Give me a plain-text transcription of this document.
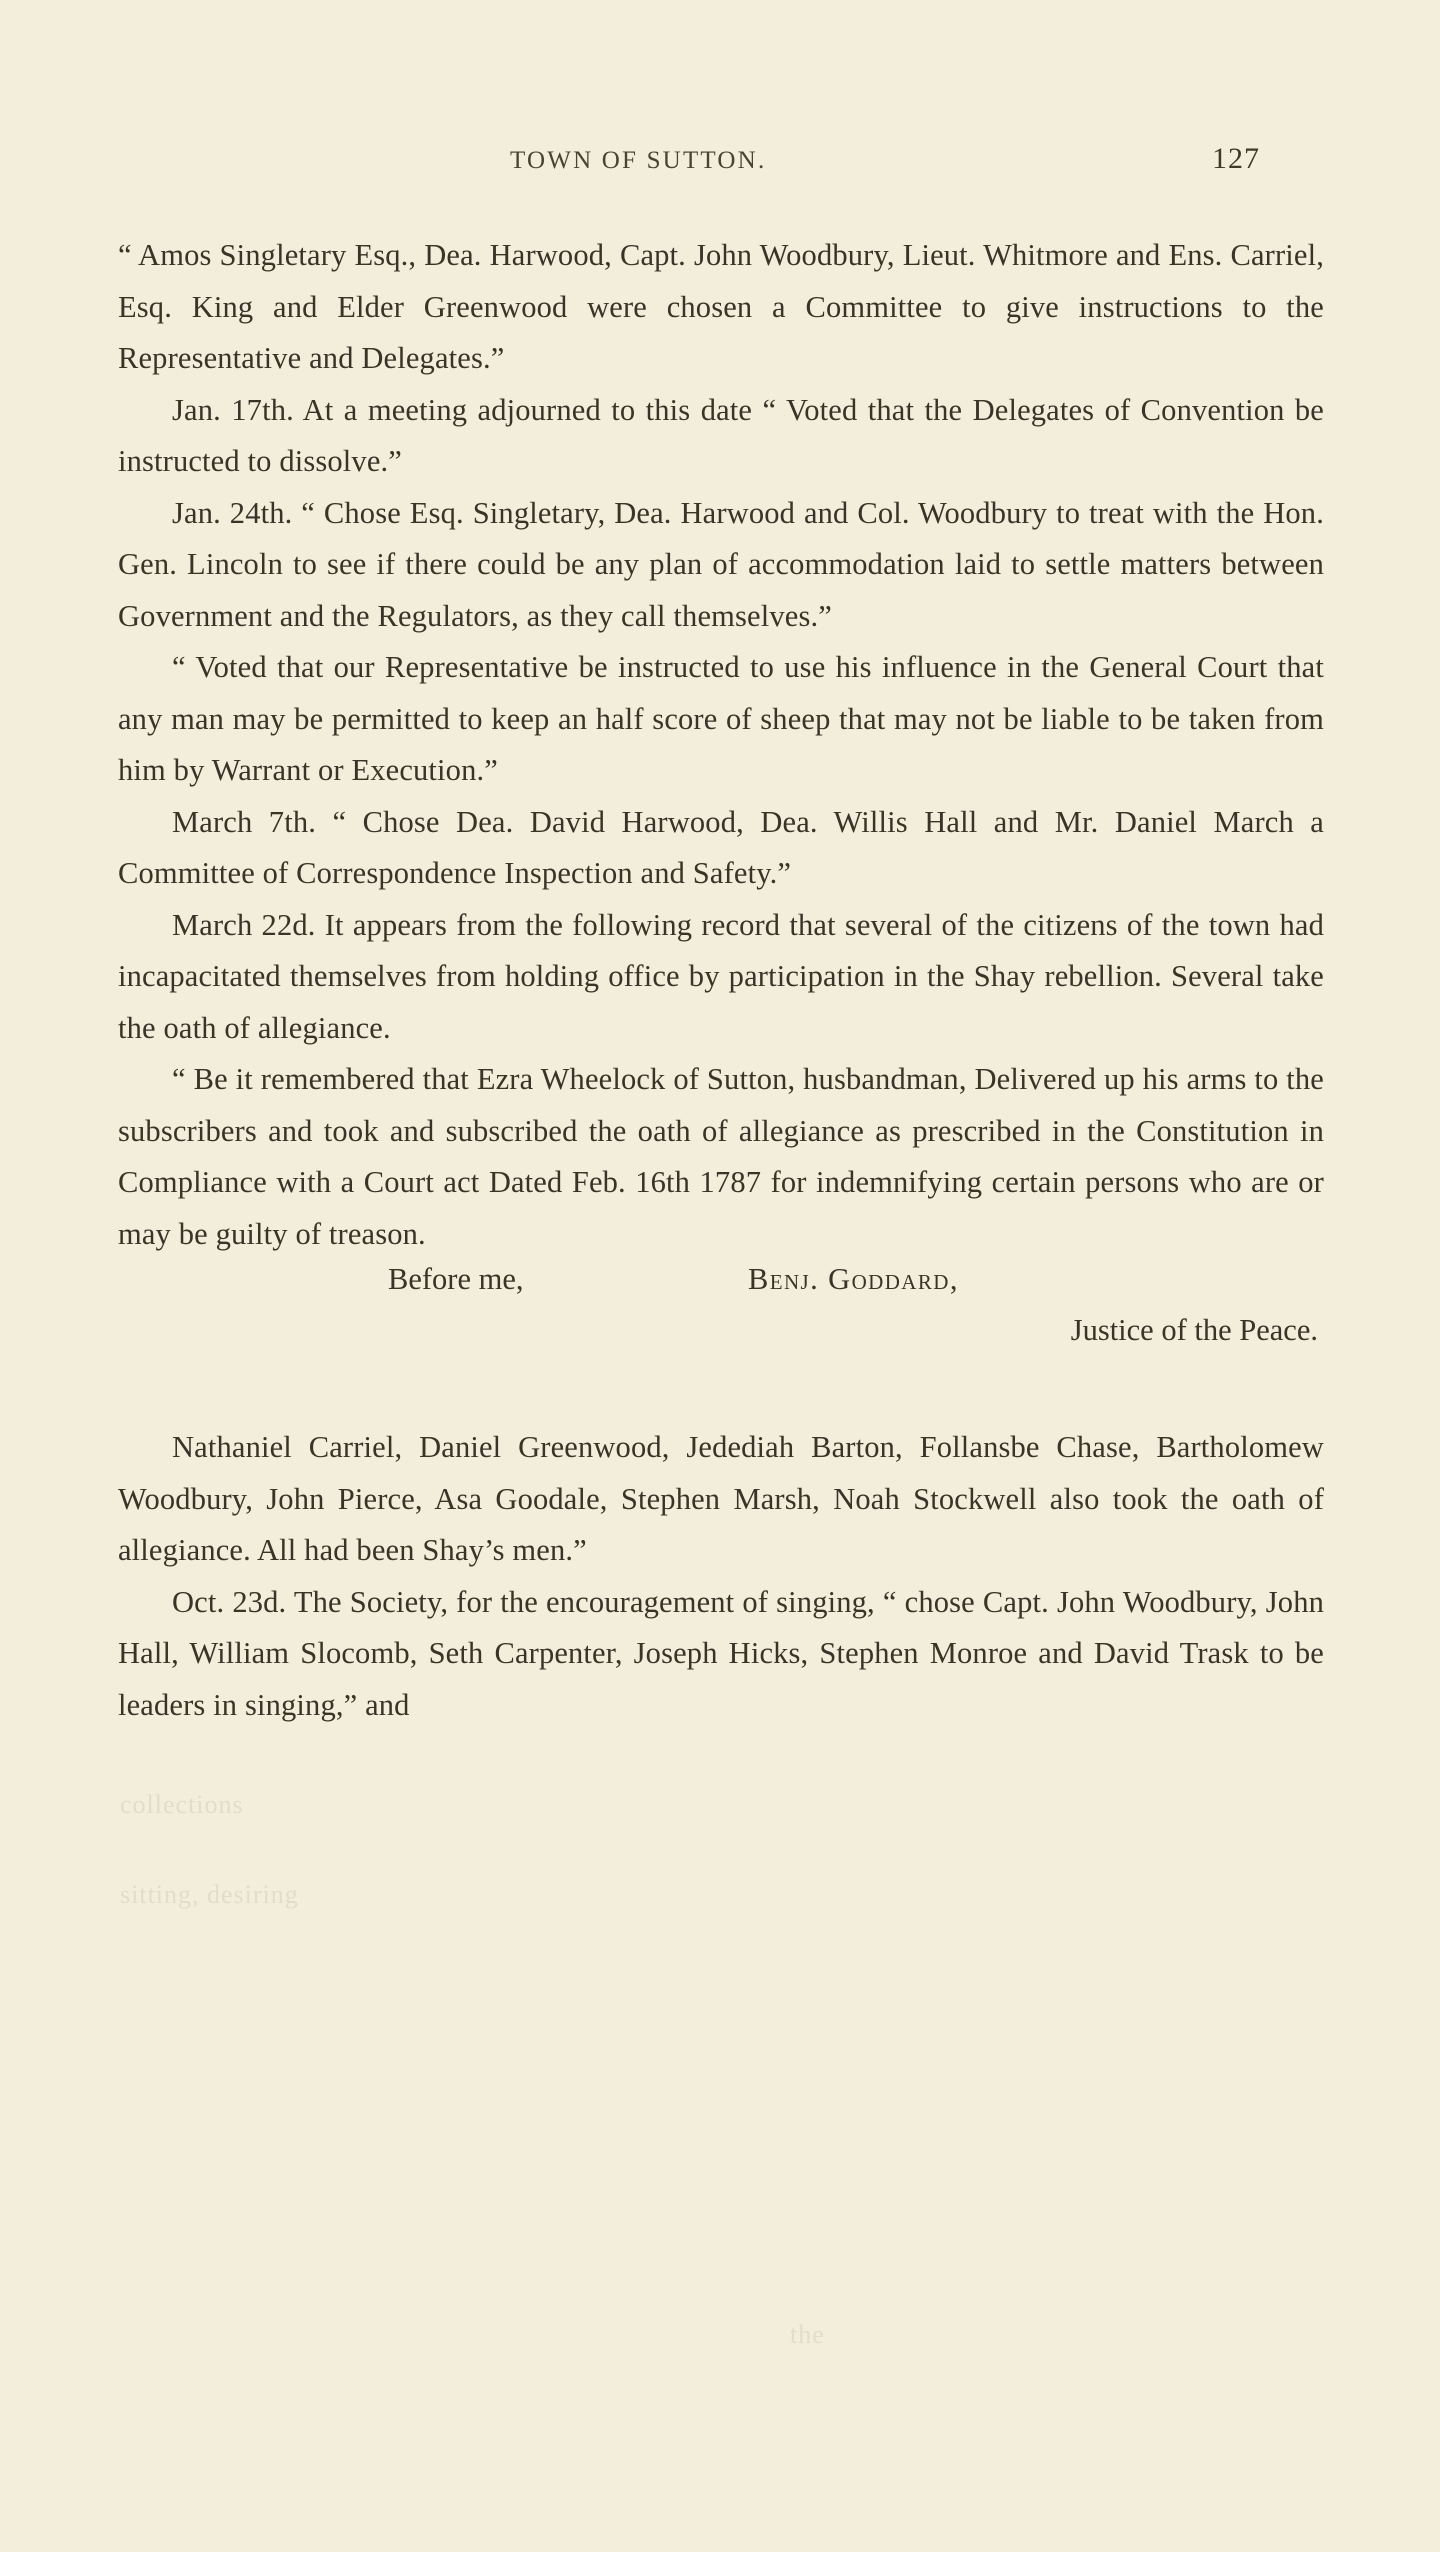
TOWN OF SUTTON.	127

“ Amos Singletary Esq., Dea. Harwood, Capt. John Woodbury, Lieut. Whitmore and Ens. Carriel, Esq. King and Elder Greenwood were chosen a Committee to give instructions to the Representative and Delegates.”

Jan. 17th. At a meeting adjourned to this date “ Voted that the Delegates of Convention be instructed to dissolve.”

Jan. 24th. “ Chose Esq. Singletary, Dea. Harwood and Col. Woodbury to treat with the Hon. Gen. Lincoln to see if there could be any plan of accommodation laid to settle matters between Government and the Regulators, as they call themselves.”

“ Voted that our Representative be instructed to use his influence in the General Court that any man may be permitted to keep an half score of sheep that may not be liable to be taken from him by Warrant or Execution.”

March 7th. “ Chose Dea. David Harwood, Dea. Willis Hall and Mr. Daniel March a Committee of Correspondence Inspection and Safety.”

March 22d. It appears from the following record that several of the citizens of the town had incapacitated themselves from holding office by participation in the Shay rebellion. Several take the oath of allegiance.

“ Be it remembered that Ezra Wheelock of Sutton, husbandman, Delivered up his arms to the subscribers and took and subscribed the oath of allegiance as prescribed in the Constitution in Compliance with a Court act Dated Feb. 16th 1787 for indemnifying certain persons who are or may be guilty of treason.

Before me,	Benj. Goddard,
Justice of the Peace.

Nathaniel Carriel, Daniel Greenwood, Jedediah Barton, Follansbe Chase, Bartholomew Woodbury, John Pierce, Asa Goodale, Stephen Marsh, Noah Stockwell also took the oath of allegiance. All had been Shay’s men.”

Oct. 23d. The Society, for the encouragement of singing, “ chose Capt. John Woodbury, John Hall, William Slocomb, Seth Carpenter, Joseph Hicks, Stephen Monroe and David Trask to be leaders in singing,” and

collections
sitting, desiring
the
